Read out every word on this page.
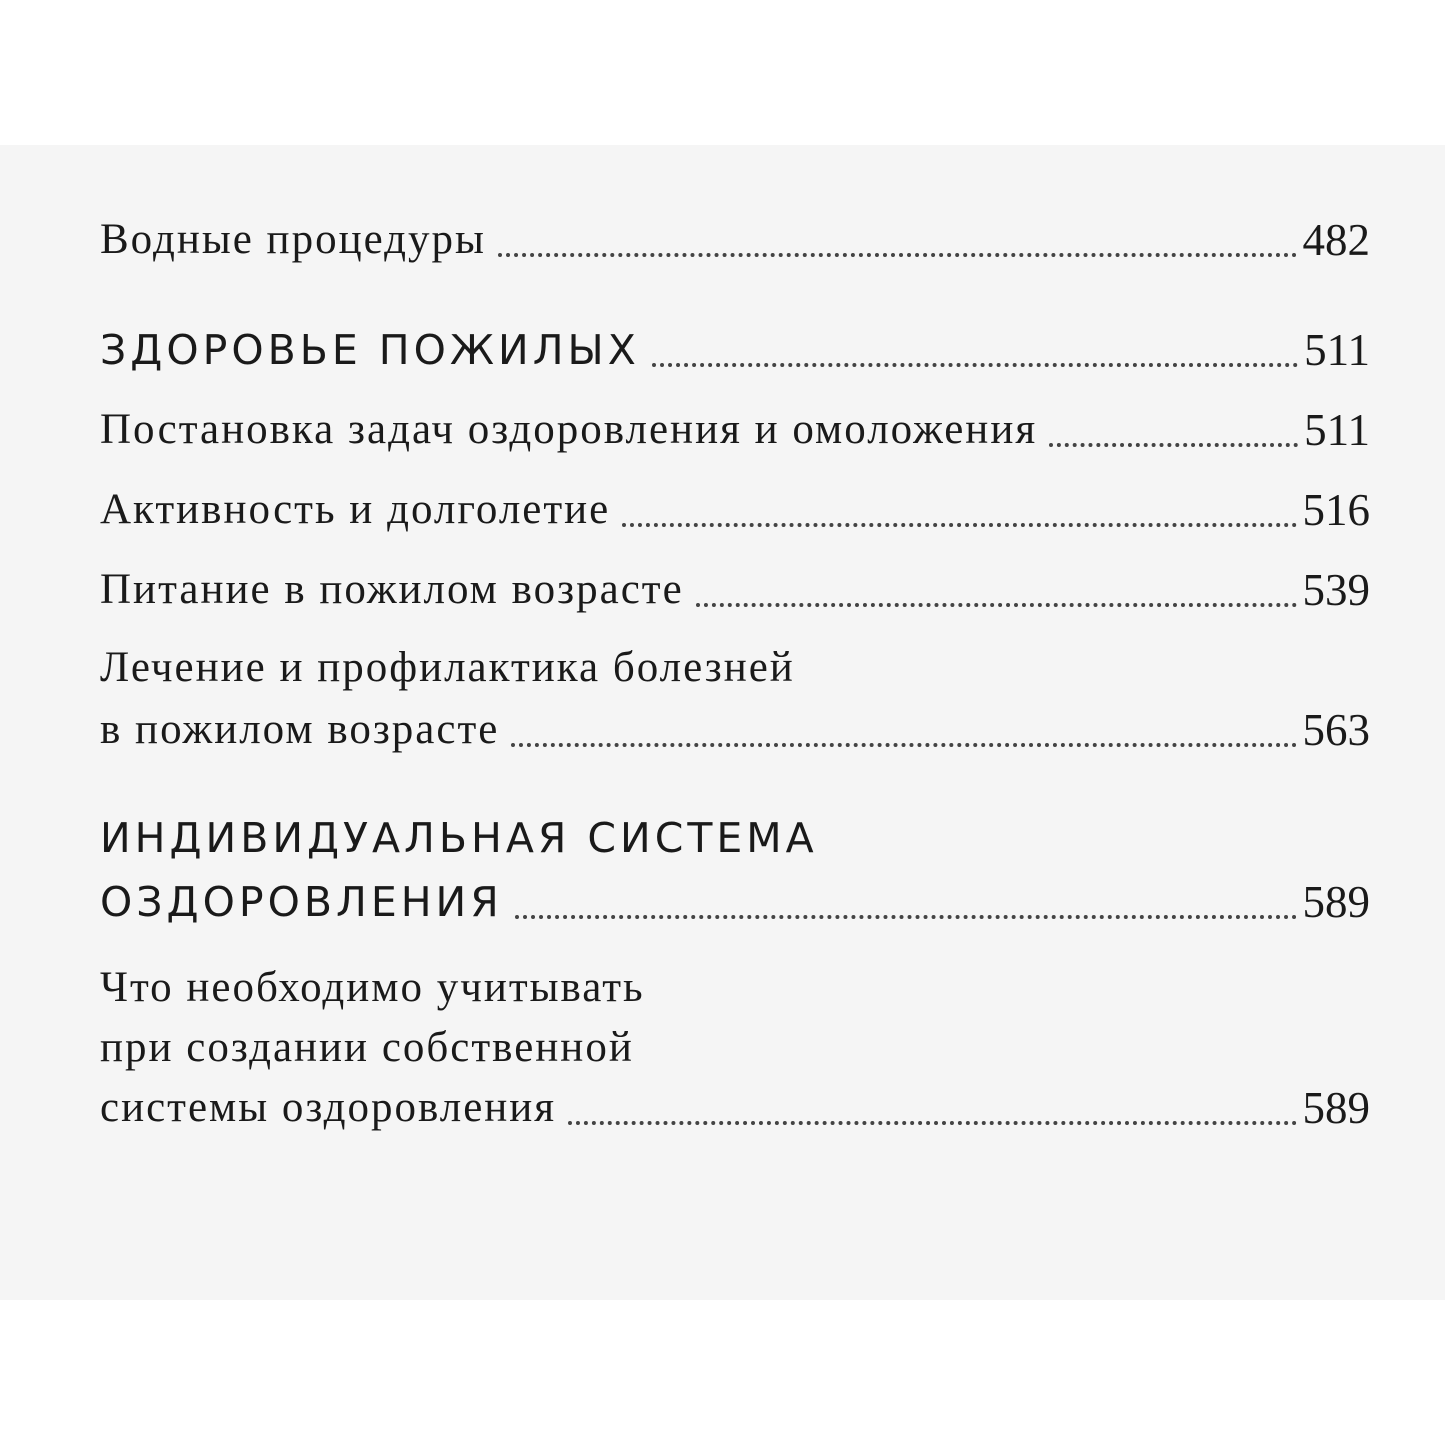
Водные процедуры	482
ЗДОРОВЬЕ ПОЖИЛЫХ	511
Постановка задач оздоровления и омоложения	511
Активность и долголетие	516
Питание в пожилом возрасте	539
Лечение и профилактика болезней
в пожилом возрасте	563
ИНДИВИДУАЛЬНАЯ СИСТЕМА
ОЗДОРОВЛЕНИЯ	589
Что необходимо учитывать
при создании собственной
системы оздоровления	589
